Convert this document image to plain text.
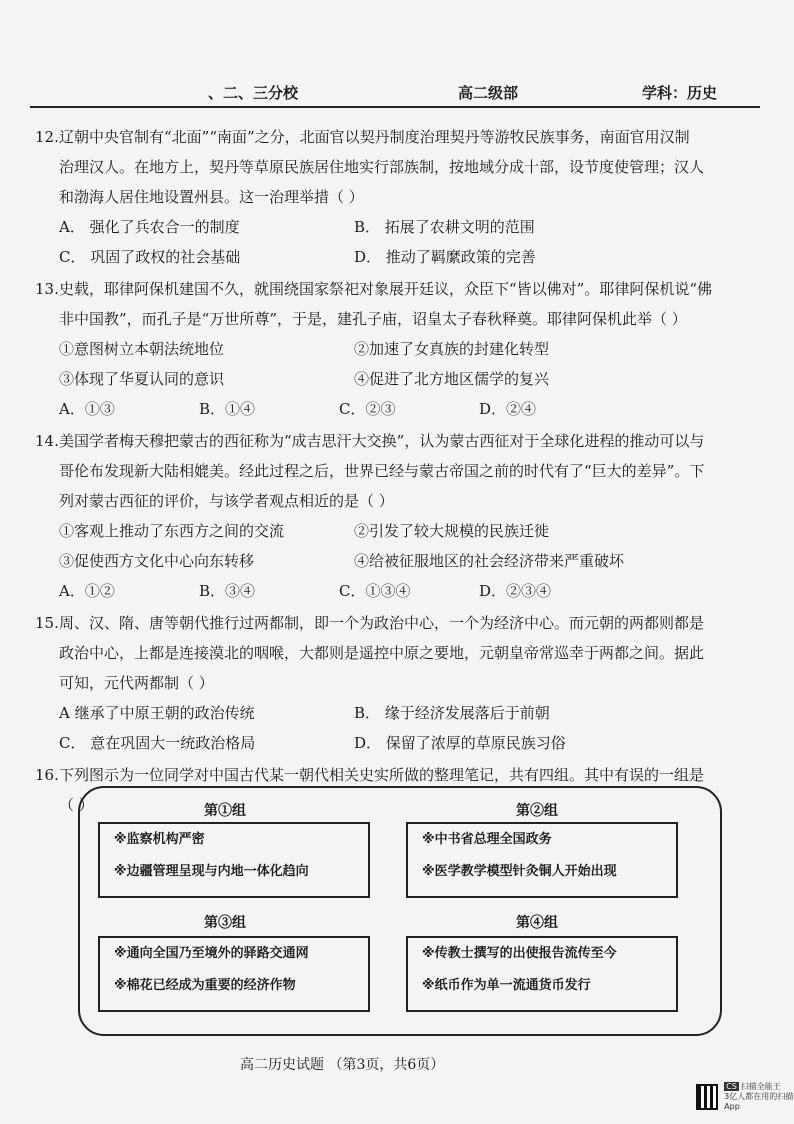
、二、三分校	高二级部	学科：历史
12.辽朝中央官制有“北面”“南面”之分，北面官以契丹制度治理契丹等游牧民族事务，南面官用汉制
治理汉人。在地方上，契丹等草原民族居住地实行部族制，按地域分成十部，设节度使管理；汉人
和渤海人居住地设置州县。这一治理举措（ ）
A． 强化了兵农合一的制度	B． 拓展了农耕文明的范围
C． 巩固了政权的社会基础	D． 推动了羁縻政策的完善
13.史载，耶律阿保机建国不久，就围绕国家祭祀对象展开廷议，众臣下“皆以佛对”。耶律阿保机说“佛
非中国教”，而孔子是“万世所尊”，于是，建孔子庙，诏皇太子春秋释奠。耶律阿保机此举（ ）
①意图树立本朝法统地位	②加速了女真族的封建化转型
③体现了华夏认同的意识	④促进了北方地区儒学的复兴
A．①③	B．①④	C．②③	D．②④
14.美国学者梅天穆把蒙古的西征称为“成吉思汗大交换”，认为蒙古西征对于全球化进程的推动可以与
哥伦布发现新大陆相媲美。经此过程之后，世界已经与蒙古帝国之前的时代有了“巨大的差异”。下
列对蒙古西征的评价，与该学者观点相近的是（ ）
①客观上推动了东西方之间的交流	②引发了较大规模的民族迁徙
③促使西方文化中心向东转移	④给被征服地区的社会经济带来严重破坏
A．①②	B．③④	C．①③④	D．②③④
15.周、汉、隋、唐等朝代推行过两都制，即一个为政治中心，一个为经济中心。而元朝的两都则都是
政治中心，上都是连接漠北的咽喉，大都则是遥控中原之要地，元朝皇帝常巡幸于两都之间。据此
可知，元代两都制（ ）
A 继承了中原王朝的政治传统	B． 缘于经济发展落后于前朝
C． 意在巩固大一统政治格局	D． 保留了浓厚的草原民族习俗
16.下列图示为一位同学对中国古代某一朝代相关史实所做的整理笔记，共有四组。其中有误的一组是
（ ）	第①组	第②组
※监察机构严密
※边疆管理呈现与内地一体化趋向
※中书省总理全国政务
※医学教学模型针灸铜人开始出现
第③组	第④组
※通向全国乃至境外的驿路交通网
※棉花已经成为重要的经济作物
※传教士撰写的出使报告流传至今
※纸币作为单一流通货币发行
高二历史试题 （第3页，共6页）
CS 扫描全能王
3亿人都在用的扫描App
